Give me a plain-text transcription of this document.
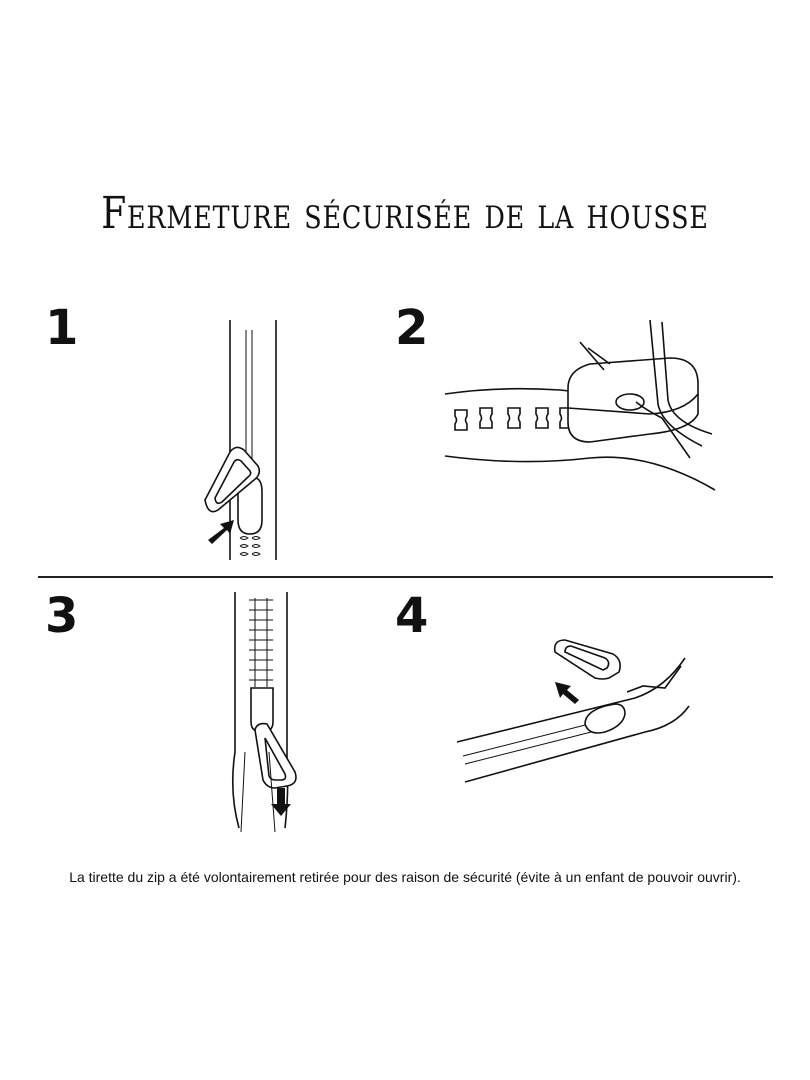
Fermeture sécurisée de la housse
1	2
3	4
La tirette du zip a été volontairement retirée pour des raison de sécurité (évite à un enfant de pouvoir ouvrir).
